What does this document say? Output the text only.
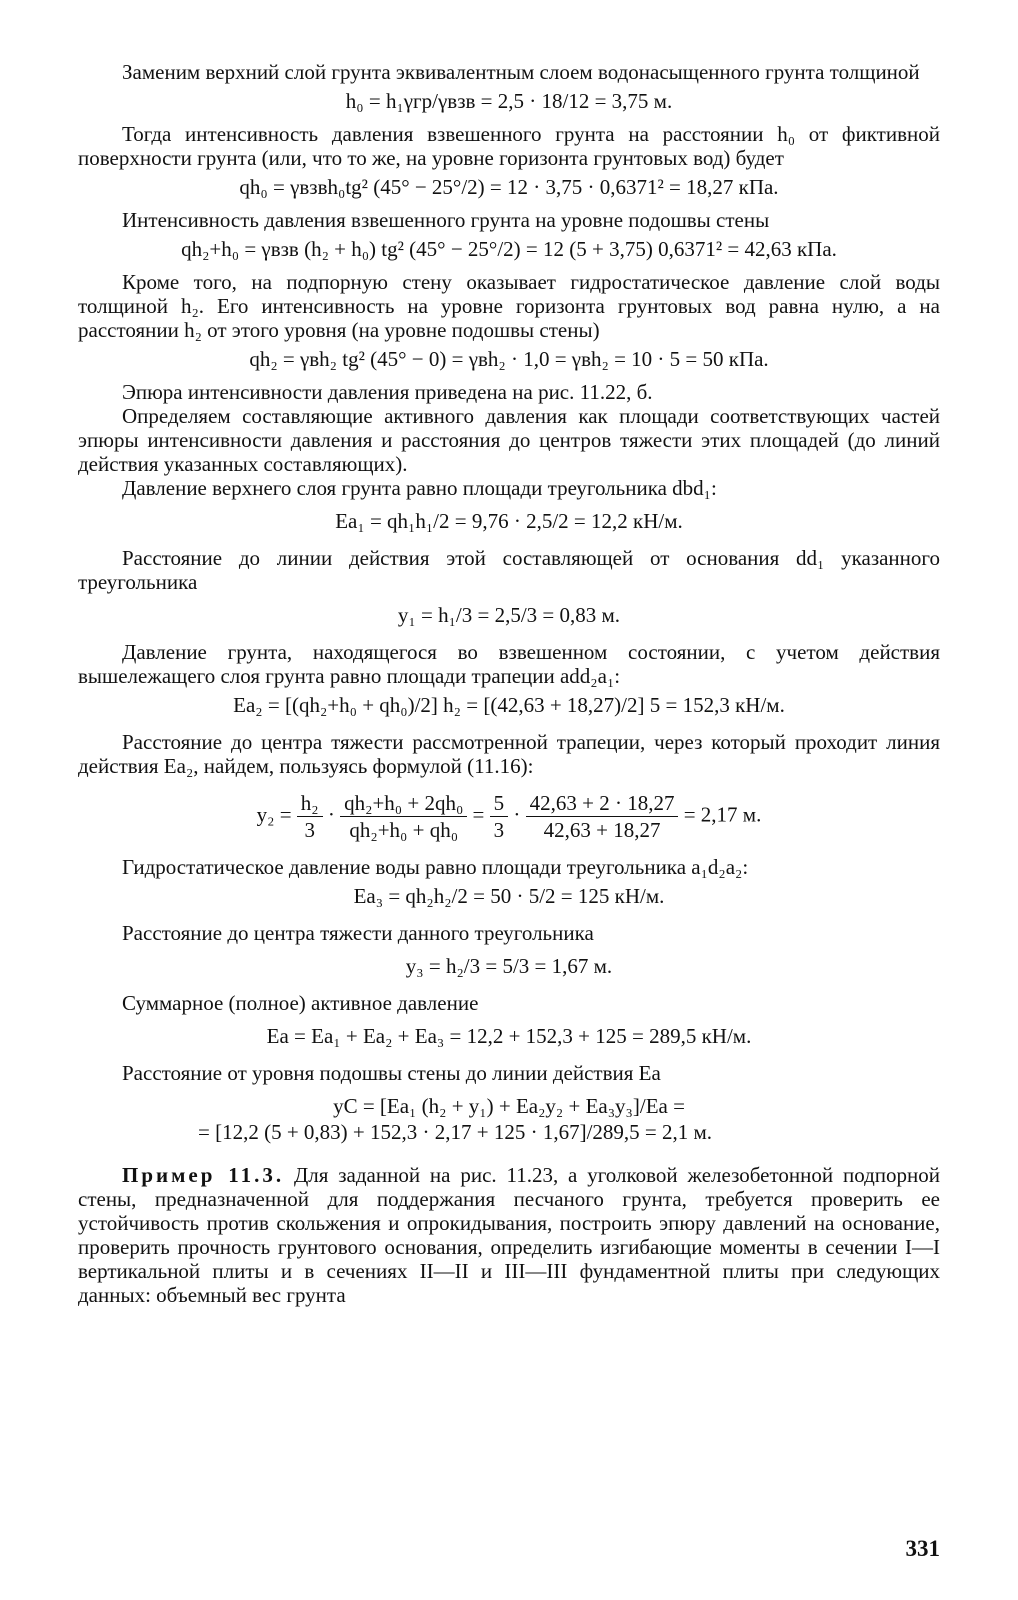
Заменим верхний слой грунта эквивалентным слоем водонасыщенного грунта толщиной

h₀ = h₁γгр/γвзв = 2,5 · 18/12 = 3,75 м.

Тогда интенсивность давления взвешенного грунта на расстоянии h₀ от фиктивной поверхности грунта (или, что то же, на уровне горизонта грунтовых вод) будет

qh₀ = γвзвh₀tg² (45° − 25°/2) = 12 · 3,75 · 0,6371² = 18,27 кПа.

Интенсивность давления взвешенного грунта на уровне подошвы стены

qh₂+h₀ = γвзв (h₂ + h₀) tg² (45° − 25°/2) = 12 (5 + 3,75) 0,6371² = 42,63 кПа.

Кроме того, на подпорную стену оказывает гидростатическое давление слой воды толщиной h₂. Его интенсивность на уровне горизонта грунтовых вод равна нулю, а на расстоянии h₂ от этого уровня (на уровне подошвы стены)

qh₂ = γвh₂ tg² (45° − 0) = γвh₂ · 1,0 = γвh₂ = 10 · 5 = 50 кПа.

Эпюра интенсивности давления приведена на рис. 11.22, б.

Определяем составляющие активного давления как площади соответствующих частей эпюры интенсивности давления и расстояния до центров тяжести этих площадей (до линий действия указанных составляющих).

Давление верхнего слоя грунта равно площади треугольника dbd₁:

Ea₁ = qh₁h₁/2 = 9,76 · 2,5/2 = 12,2 кН/м.

Расстояние до линии действия этой составляющей от основания dd₁ указанного треугольника

y₁ = h₁/3 = 2,5/3 = 0,83 м.

Давление грунта, находящегося во взвешенном состоянии, с учетом действия вышележащего слоя грунта равно площади трапеции add₂a₁:

Ea₂ = [(qh₂+h₀ + qh₀)/2] h₂ = [(42,63 + 18,27)/2] 5 = 152,3 кН/м.

Расстояние до центра тяжести рассмотренной трапеции, через который проходит линия действия Ea₂, найдем, пользуясь формулой (11.16):

$y_2 = \frac{\text{h₂}}{3} \cdot \frac{\text{qh₂+h₀ + 2qh₀}}{\text{qh₂+h₀ + qh₀}} = \frac{5}{3} \cdot \frac{42,63 + 2 \cdot 18,27}{42,63 + 18,27} = 2,17$ м.

Гидростатическое давление воды равно площади треугольника a₁d₂a₂:

Ea₃ = qh₂h₂/2 = 50 · 5/2 = 125 кН/м.

Расстояние до центра тяжести данного треугольника

y₃ = h₂/3 = 5/3 = 1,67 м.

Суммарное (полное) активное давление

Ea = Ea₁ + Ea₂ + Ea₃ = 12,2 + 152,3 + 125 = 289,5 кН/м.

Расстояние от уровня подошвы стены до линии действия Ea

yC = [Ea₁ (h₂ + y₁) + Ea₂y₂ + Ea₃y₃]/Ea =
= [12,2 (5 + 0,83) + 152,3 · 2,17 + 125 · 1,67]/289,5 = 2,1 м.

Пример 11.3. Для заданной на рис. 11.23, а уголковой железобетонной подпорной стены, предназначенной для поддержания песчаного грунта, требуется проверить ее устойчивость против скольжения и опрокидывания, построить эпюру давлений на основание, проверить прочность грунтового основания, определить изгибающие моменты в сечении I—I вертикальной плиты и в сечениях II—II и III—III фундаментной плиты при следующих данных: объемный вес грунта

331
